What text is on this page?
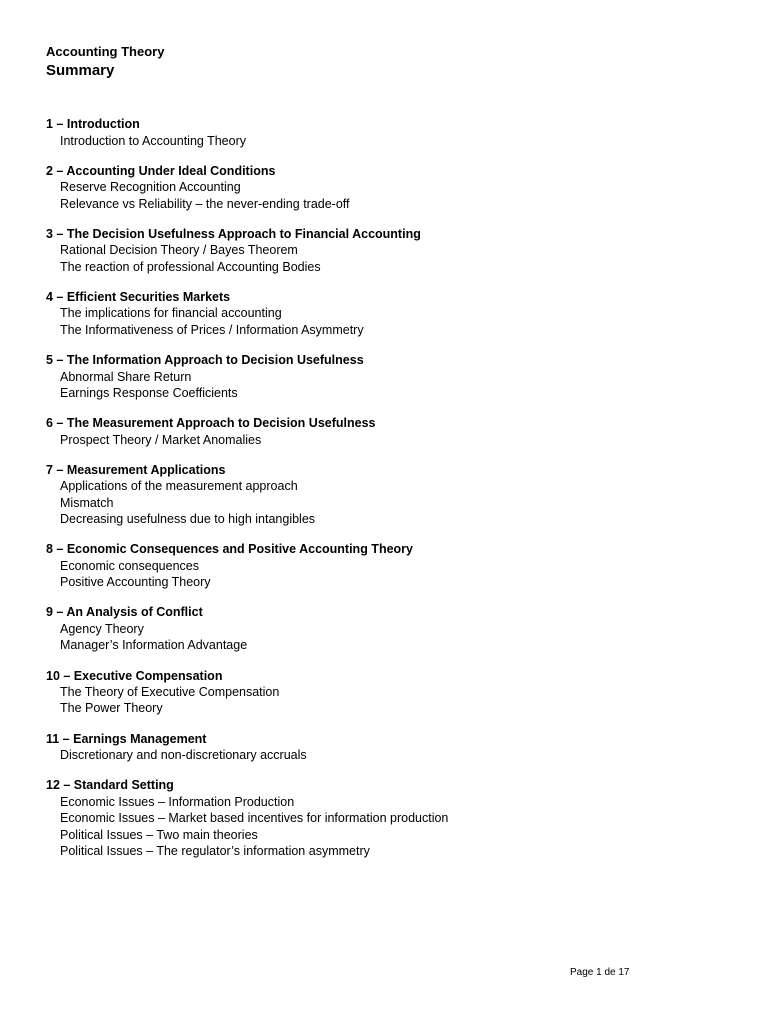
Accounting Theory
Summary
1 – Introduction
Introduction to Accounting Theory
2 – Accounting Under Ideal Conditions
Reserve Recognition Accounting
Relevance vs Reliability – the never-ending trade-off
3 – The Decision Usefulness Approach to Financial Accounting
Rational Decision Theory / Bayes Theorem
The reaction of professional Accounting Bodies
4 – Efficient Securities Markets
The implications for financial accounting
The Informativeness of Prices / Information Asymmetry
5 – The Information Approach to Decision Usefulness
Abnormal Share Return
Earnings Response Coefficients
6 – The Measurement Approach to Decision Usefulness
Prospect Theory / Market Anomalies
7 – Measurement Applications
Applications of the measurement approach
Mismatch
Decreasing usefulness due to high intangibles
8 – Economic Consequences and Positive Accounting Theory
Economic consequences
Positive Accounting Theory
9 – An Analysis of Conflict
Agency Theory
Manager’s Information Advantage
10 – Executive Compensation
The Theory of Executive Compensation
The Power Theory
11 – Earnings Management
Discretionary and non-discretionary accruals
12 – Standard Setting
Economic Issues – Information Production
Economic Issues – Market based incentives for information production
Political Issues – Two main theories
Political Issues – The regulator’s information asymmetry
Page 1 de 17
